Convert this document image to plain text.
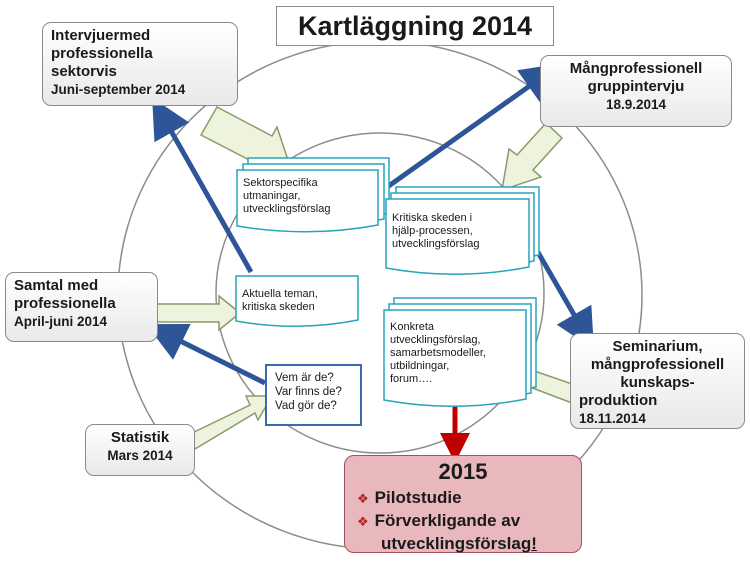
Kartläggning 2014
Intervjuermed
professionella
sektorvis
Juni-september 2014
Mångprofessionell
gruppintervju
18.9.2014
Samtal med
professionella
April-juni 2014
Seminarium,
mångprofessionell
kunskaps-
produktion
18.11.2014
Statistik
Mars 2014
Sektorspecifika
utmaningar,
utvecklingsförslag
Kritiska skeden i
hjälp-processen,
utvecklingsförslag
Aktuella teman,
kritiska skeden
Konkreta
utvecklingsförslag,
samarbetsmodeller,
utbildningar,
forum….
Vem är de?
Var finns de?
Vad gör de?
2015
❖ Pilotstudie
❖ Förverkligande av
utvecklingsförslag!
